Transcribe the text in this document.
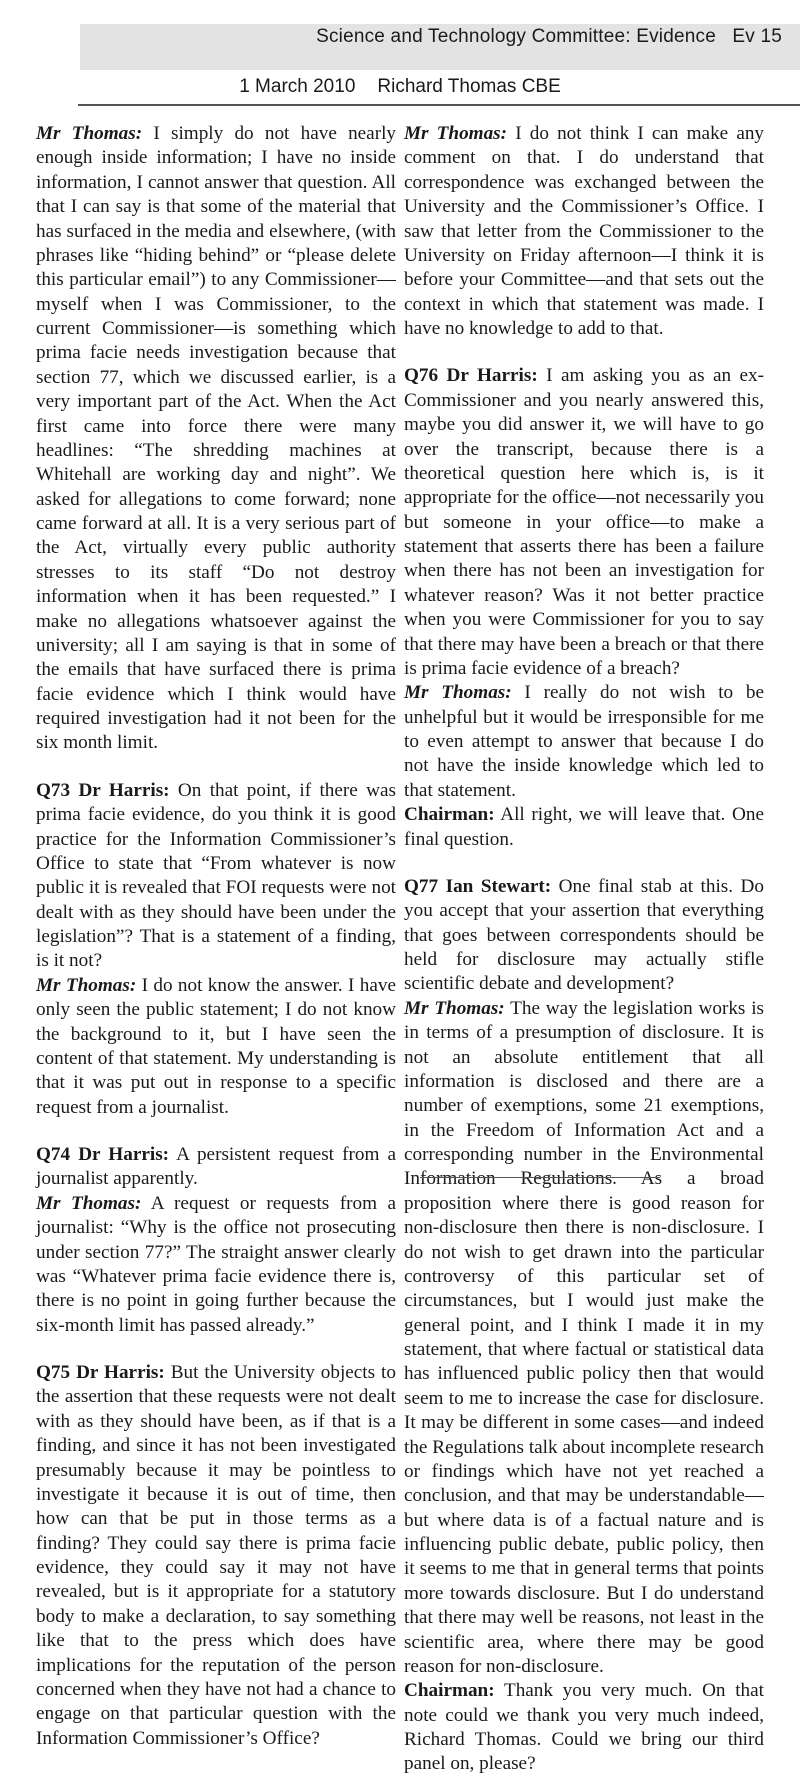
Science and Technology Committee: Evidence   Ev 15
1 March 2010 Richard Thomas CBE

Mr Thomas: I simply do not have nearly enough inside information; I have no inside information, I cannot answer that question. All that I can say is that some of the material that has surfaced in the media and elsewhere, (with phrases like “hiding behind” or “please delete this particular email”) to any Commissioner—myself when I was Commissioner, to the current Commissioner—is something which prima facie needs investigation because that section 77, which we discussed earlier, is a very important part of the Act. When the Act first came into force there were many headlines: “The shredding machines at Whitehall are working day and night”. We asked for allegations to come forward; none came forward at all. It is a very serious part of the Act, virtually every public authority stresses to its staff “Do not destroy information when it has been requested.” I make no allegations whatsoever against the university; all I am saying is that in some of the emails that have surfaced there is prima facie evidence which I think would have required investigation had it not been for the six month limit.

Q73 Dr Harris: On that point, if there was prima facie evidence, do you think it is good practice for the Information Commissioner’s Office to state that “From whatever is now public it is revealed that FOI requests were not dealt with as they should have been under the legislation”? That is a statement of a finding, is it not?

Mr Thomas: I do not know the answer. I have only seen the public statement; I do not know the background to it, but I have seen the content of that statement. My understanding is that it was put out in response to a specific request from a journalist.

Q74 Dr Harris: A persistent request from a journalist apparently.

Mr Thomas: A request or requests from a journalist: “Why is the office not prosecuting under section 77?” The straight answer clearly was “Whatever prima facie evidence there is, there is no point in going further because the six-month limit has passed already.”

Q75 Dr Harris: But the University objects to the assertion that these requests were not dealt with as they should have been, as if that is a finding, and since it has not been investigated presumably because it may be pointless to investigate it because it is out of time, then how can that be put in those terms as a finding? They could say there is prima facie evidence, they could say it may not have revealed, but is it appropriate for a statutory body to make a declaration, to say something like that to the press which does have implications for the reputation of the person concerned when they have not had a chance to engage on that particular question with the Information Commissioner’s Office?

Mr Thomas: I do not think I can make any comment on that. I do understand that correspondence was exchanged between the University and the Commissioner’s Office. I saw that letter from the Commissioner to the University on Friday afternoon—I think it is before your Committee—and that sets out the context in which that statement was made. I have no knowledge to add to that.

Q76 Dr Harris: I am asking you as an ex-Commissioner and you nearly answered this, maybe you did answer it, we will have to go over the transcript, because there is a theoretical question here which is, is it appropriate for the office—not necessarily you but someone in your office—to make a statement that asserts there has been a failure when there has not been an investigation for whatever reason? Was it not better practice when you were Commissioner for you to say that there may have been a breach or that there is prima facie evidence of a breach?

Mr Thomas: I really do not wish to be unhelpful but it would be irresponsible for me to even attempt to answer that because I do not have the inside knowledge which led to that statement.

Chairman: All right, we will leave that. One final question.

Q77 Ian Stewart: One final stab at this. Do you accept that your assertion that everything that goes between correspondents should be held for disclosure may actually stifle scientific debate and development?

Mr Thomas: The way the legislation works is in terms of a presumption of disclosure. It is not an absolute entitlement that all information is disclosed and there are a number of exemptions, some 21 exemptions, in the Freedom of Information Act and a corresponding number in the Environmental Information Regulations. As a broad proposition where there is good reason for non-disclosure then there is non-disclosure. I do not wish to get drawn into the particular controversy of this particular set of circumstances, but I would just make the general point, and I think I made it in my statement, that where factual or statistical data has influenced public policy then that would seem to me to increase the case for disclosure. It may be different in some cases—and indeed the Regulations talk about incomplete research or findings which have not yet reached a conclusion, and that may be understandable—but where data is of a factual nature and is influencing public debate, public policy, then it seems to me that in general terms that points more towards disclosure. But I do understand that there may well be reasons, not least in the scientific area, where there may be good reason for non-disclosure.

Chairman: Thank you very much. On that note could we thank you very much indeed, Richard Thomas. Could we bring our third panel on, please?
